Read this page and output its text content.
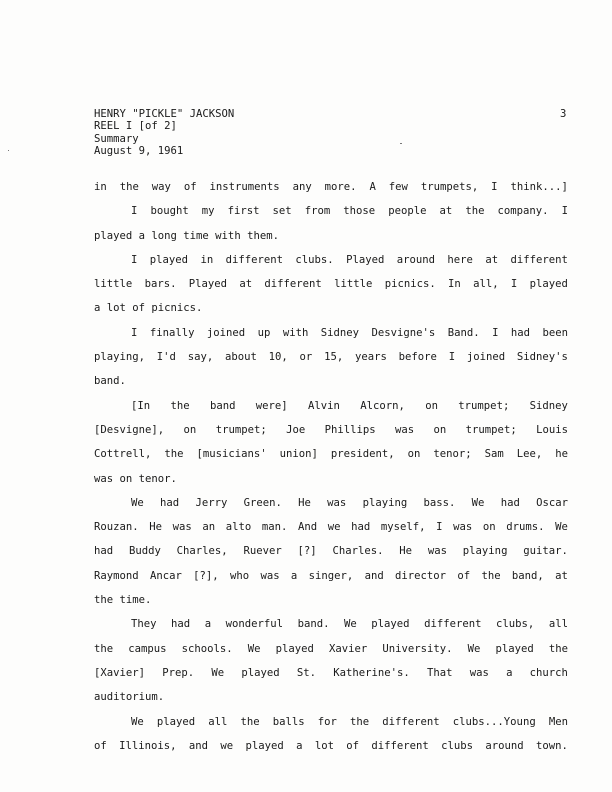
HENRY "PICKLE" JACKSON
REEL I [of 2]
Summary
August 9, 1961
3
in the way of instruments any more. A few trumpets, I think...]
I bought my first set from those people at the company. I
played a long time with them.
I played in different clubs. Played around here at different
little bars. Played at different little picnics. In all, I played
a lot of picnics.
I finally joined up with Sidney Desvigne's Band. I had been
playing, I'd say, about 10, or 15, years before I joined Sidney's
band.
[In the band were] Alvin Alcorn, on trumpet; Sidney
[Desvigne], on trumpet; Joe Phillips was on trumpet; Louis
Cottrell, the [musicians' union] president, on tenor; Sam Lee, he
was on tenor.
We had Jerry Green. He was playing bass. We had Oscar
Rouzan. He was an alto man. And we had myself, I was on drums. We
had Buddy Charles, Ruever [?] Charles. He was playing guitar.
Raymond Ancar [?], who was a singer, and director of the band, at
the time.
They had a wonderful band. We played different clubs, all
the campus schools. We played Xavier University. We played the
[Xavier] Prep. We played St. Katherine's. That was a church
auditorium.
We played all the balls for the different clubs...Young Men
of Illinois, and we played a lot of different clubs around town.
